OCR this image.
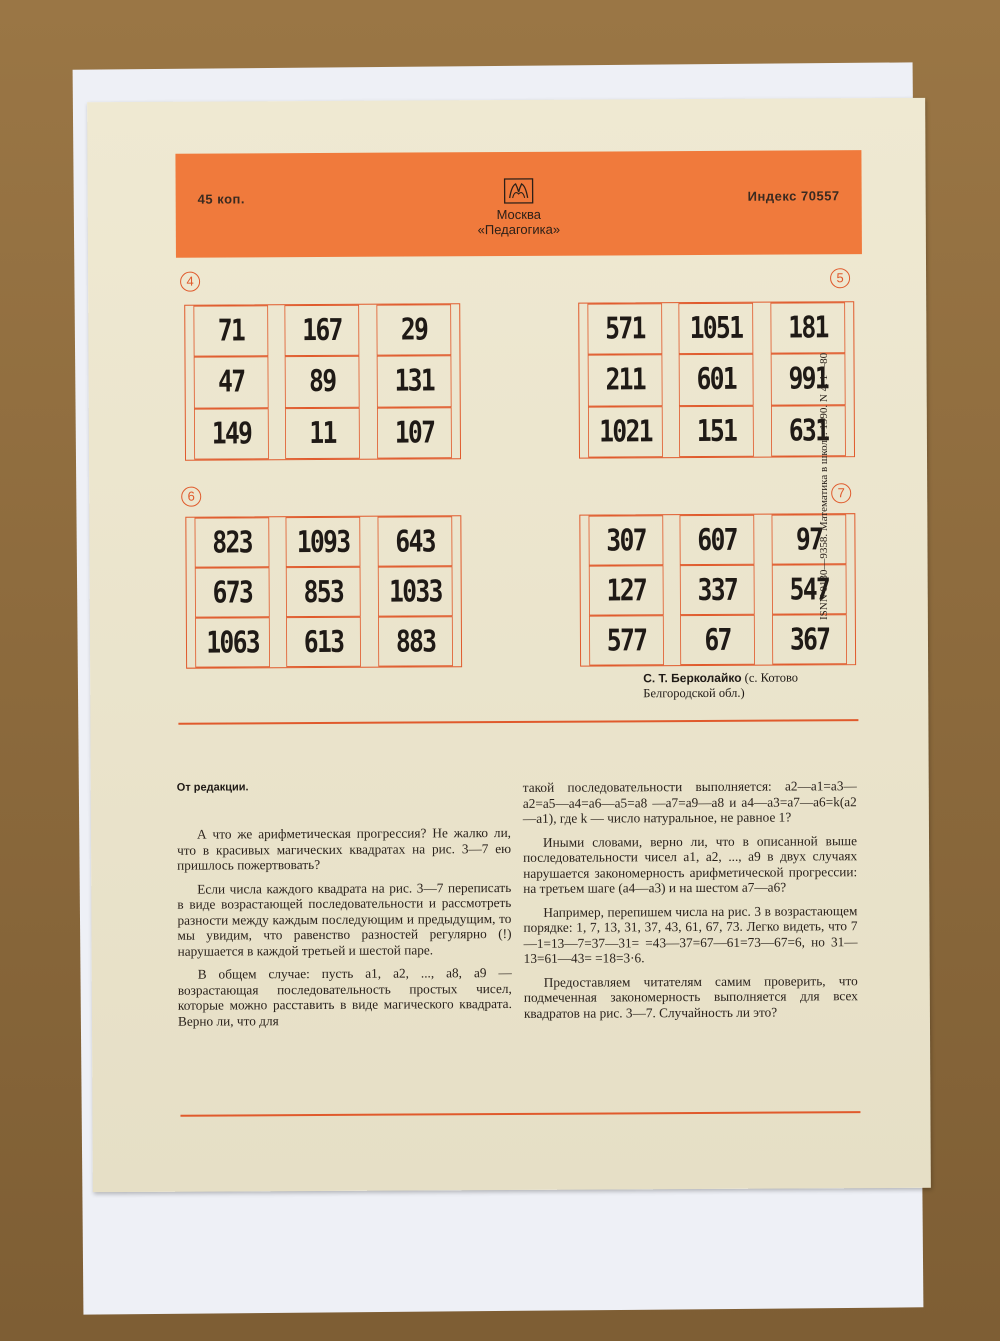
45 коп.
Москва
«Педагогика»
Индекс 70557
4
71	167	29
47	89	131
149	11	107
5
571	1051	181
211	601	991
1021	151	631
6
823	1093	643
673	853	1033
1063	613	883
7
307	607	97
127	337	547
577	67	367
С. Т. Берколайко (с. Котово Белгородской обл.)
От редакции.

А что же арифметическая прогрессия? Не жалко ли, что в красивых магических квадратах на рис. 3—7 ею пришлось пожертвовать?

Если числа каждого квадрата на рис. 3—7 переписать в виде возрастающей последовательности и рассмотреть разности между каждым последующим и предыдущим, то мы увидим, что равенство разностей регулярно (!) нарушается в каждой третьей и шестой паре.

В общем случае: пусть a1, a2, ..., a8, a9 — возрастающая последовательность простых чисел, которые можно расставить в виде магического квадрата. Верно ли, что для

такой последовательности выполняется: a2—a1=a3—a2=a5—a4=a6—a5=a8 —a7=a9—a8 и a4—a3=a7—a6=k(a2—a1), где k — число натуральное, не равное 1?

Иными словами, верно ли, что в описанной выше последовательности чисел a1, a2, ..., a9 в двух случаях нарушается закономерность арифметической прогрессии: на третьем шаге (a4—a3) и на шестом a7—a6?

Например, перепишем числа на рис. 3 в возрастающем порядке: 1, 7, 13, 31, 37, 43, 61, 67, 73. Легко видеть, что 7—1=13—7=37—31= =43—37=67—61=73—67=6, но 31—13=61—43= =18=3·6.

Предоставляем читателям самим проверить, что подмеченная закономерность выполняется для всех квадратов на рис. 3—7. Случайность ли это?

ISNN 0130—9358. Математика в школе. 1990. N 4. 1—80
